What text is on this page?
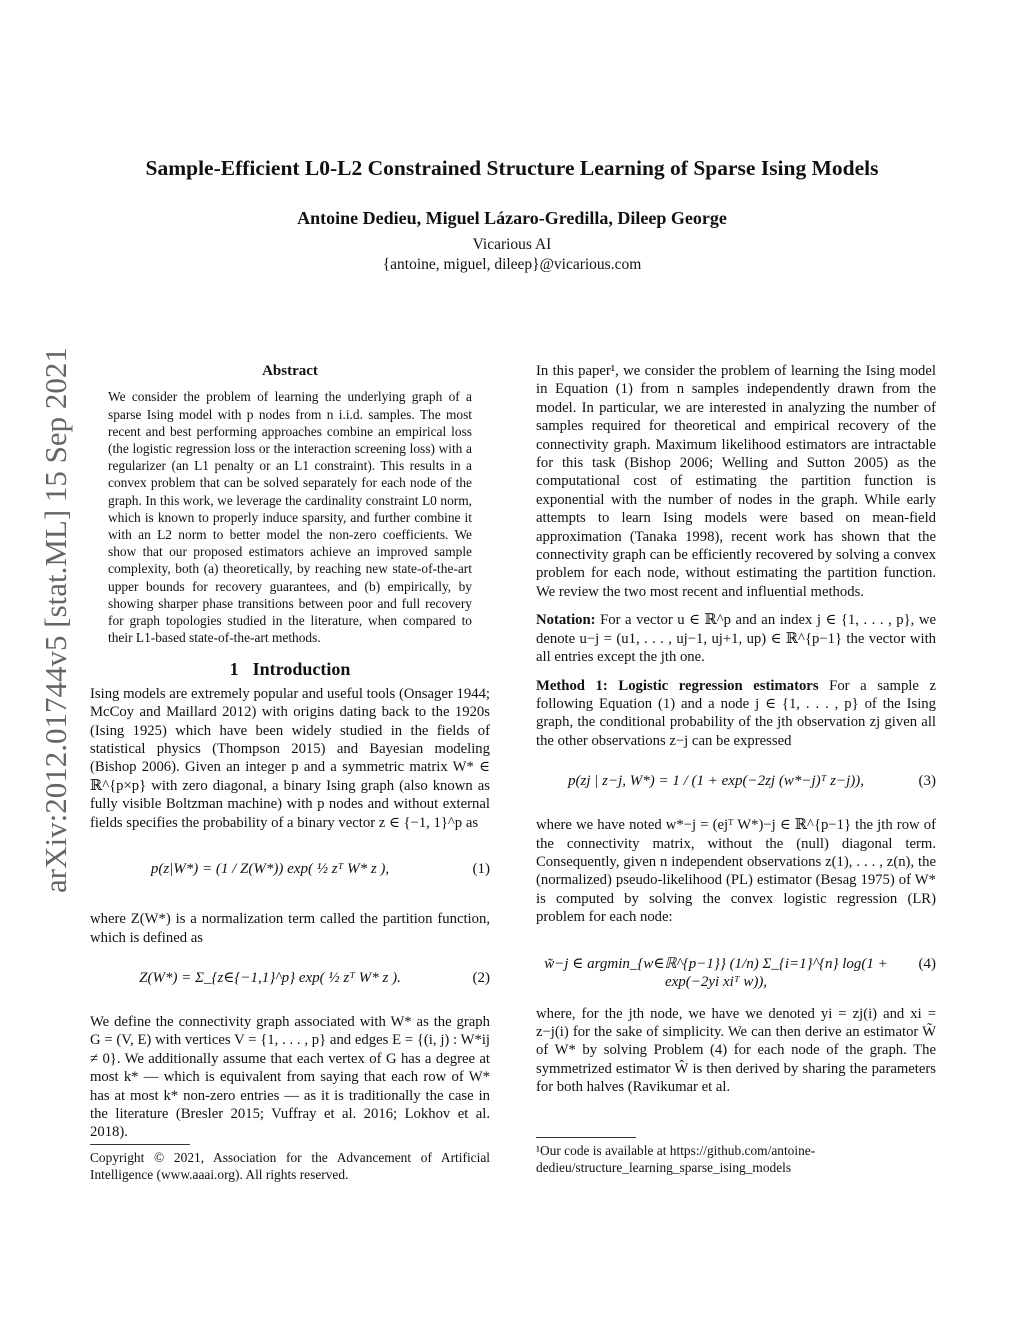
Sample-Efficient L0-L2 Constrained Structure Learning of Sparse Ising Models
Antoine Dedieu, Miguel Lázaro-Gredilla, Dileep George
Vicarious AI
{antoine, miguel, dileep}@vicarious.com
arXiv:2012.01744v5 [stat.ML] 15 Sep 2021	Abstract

We consider the problem of learning the underlying graph of a sparse Ising model with p nodes from n i.i.d. samples. The most recent and best performing approaches combine an empirical loss (the logistic regression loss or the interaction screening loss) with a regularizer (an L1 penalty or an L1 constraint). This results in a convex problem that can be solved separately for each node of the graph. In this work, we leverage the cardinality constraint L0 norm, which is known to properly induce sparsity, and further combine it with an L2 norm to better model the non-zero coefficients. We show that our proposed estimators achieve an improved sample complexity, both (a) theoretically, by reaching new state-of-the-art upper bounds for recovery guarantees, and (b) empirically, by showing sharper phase transitions between poor and full recovery for graph topologies studied in the literature, when compared to their L1-based state-of-the-art methods.

1 Introduction

Ising models are extremely popular and useful tools (Onsager 1944; McCoy and Maillard 2012) with origins dating back to the 1920s (Ising 1925) which have been widely studied in the fields of statistical physics (Thompson 2015) and Bayesian modeling (Bishop 2006). Given an integer p and a symmetric matrix W* ∈ ℝ^{p×p} with zero diagonal, a binary Ising graph (also known as fully visible Boltzman machine) with p nodes and without external fields specifies the probability of a binary vector z ∈ {−1, 1}^p as

p(z|W*) = (1 / Z(W*)) exp( ½ zᵀ W* z ),	(1)

where Z(W*) is a normalization term called the partition function, which is defined as

Z(W*) = Σ_{z∈{−1,1}^p} exp( ½ zᵀ W* z ).	(2)

We define the connectivity graph associated with W* as the graph G = (V, E) with vertices V = {1, . . . , p} and edges E = {(i, j) : W*ij ≠ 0}. We additionally assume that each vertex of G has a degree at most k* — which is equivalent from saying that each row of W* has at most k* non-zero entries — as it is traditionally the case in the literature (Bresler 2015; Vuffray et al. 2016; Lokhov et al. 2018).

Copyright © 2021, Association for the Advancement of Artificial Intelligence (www.aaai.org). All rights reserved.

In this paper¹, we consider the problem of learning the Ising model in Equation (1) from n samples independently drawn from the model. In particular, we are interested in analyzing the number of samples required for theoretical and empirical recovery of the connectivity graph. Maximum likelihood estimators are intractable for this task (Bishop 2006; Welling and Sutton 2005) as the computational cost of estimating the partition function is exponential with the number of nodes in the graph. While early attempts to learn Ising models were based on mean-field approximation (Tanaka 1998), recent work has shown that the connectivity graph can be efficiently recovered by solving a convex problem for each node, without estimating the partition function. We review the two most recent and influential methods.

Notation: For a vector u ∈ ℝ^p and an index j ∈ {1, . . . , p}, we denote u−j = (u1, . . . , uj−1, uj+1, up) ∈ ℝ^{p−1} the vector with all entries except the jth one.

Method 1: Logistic regression estimators For a sample z following Equation (1) and a node j ∈ {1, . . . , p} of the Ising graph, the conditional probability of the jth observation zj given all the other observations z−j can be expressed

p(zj | z−j, W*) = 1 / (1 + exp(−2zj (w*−j)ᵀ z−j)),	(3)

where we have noted w*−j = (ejᵀ W*)−j ∈ ℝ^{p−1} the jth row of the connectivity matrix, without the (null) diagonal term. Consequently, given n independent observations z(1), . . . , z(n), the (normalized) pseudo-likelihood (PL) estimator (Besag 1975) of W* is computed by solving the convex logistic regression (LR) problem for each node:

w̃−j ∈ argmin_{w∈ℝ^{p−1}} (1/n) Σ_{i=1}^{n} log(1 + exp(−2yi xiᵀ w)),
(4)

where, for the jth node, we have we denoted yi = zj(i) and xi = z−j(i) for the sake of simplicity. We can then derive an estimator W̃ of W* by solving Problem (4) for each node of the graph. The symmetrized estimator Ŵ is then derived by sharing the parameters for both halves (Ravikumar et al.

¹Our code is available at https://github.com/antoine-dedieu/structure_learning_sparse_ising_models
